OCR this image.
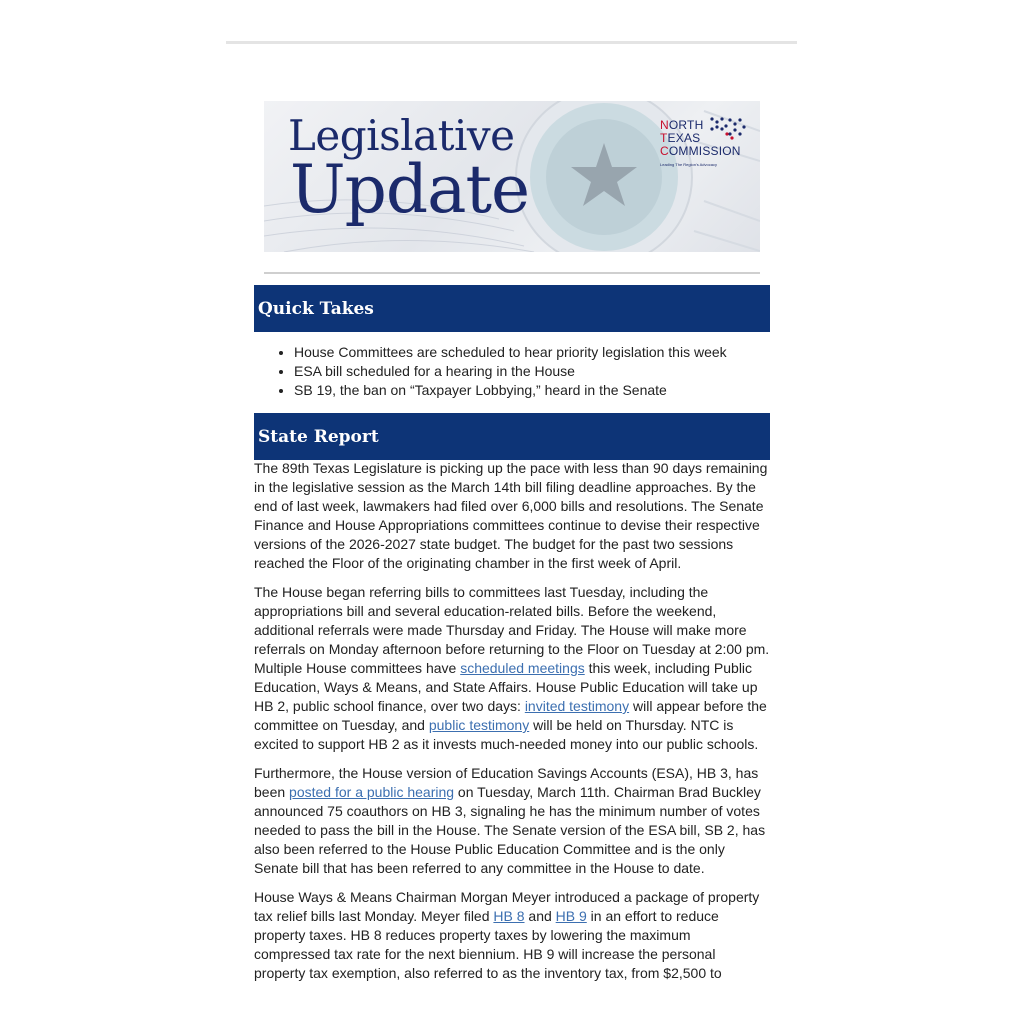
Legislative
Update
NORTH
TEXAS
COMMISSION
Leading The Region's Advocacy
Quick Takes
• House Committees are scheduled to hear priority legislation this week
• ESA bill scheduled for a hearing in the House
• SB 19, the ban on “Taxpayer Lobbying,” heard in the Senate
State Report

The 89th Texas Legislature is picking up the pace with less than 90 days remaining in the legislative session as the March 14th bill filing deadline approaches. By the end of last week, lawmakers had filed over 6,000 bills and resolutions. The Senate Finance and House Appropriations committees continue to devise their respective versions of the 2026-2027 state budget. The budget for the past two sessions reached the Floor of the originating chamber in the first week of April.

The House began referring bills to committees last Tuesday, including the appropriations bill and several education-related bills. Before the weekend, additional referrals were made Thursday and Friday. The House will make more referrals on Monday afternoon before returning to the Floor on Tuesday at 2:00 pm. Multiple House committees have scheduled meetings this week, including Public Education, Ways & Means, and State Affairs. House Public Education will take up HB 2, public school finance, over two days: invited testimony will appear before the committee on Tuesday, and public testimony will be held on Thursday. NTC is excited to support HB 2 as it invests much-needed money into our public schools.

Furthermore, the House version of Education Savings Accounts (ESA), HB 3, has been posted for a public hearing on Tuesday, March 11th. Chairman Brad Buckley announced 75 coauthors on HB 3, signaling he has the minimum number of votes needed to pass the bill in the House. The Senate version of the ESA bill, SB 2, has also been referred to the House Public Education Committee and is the only Senate bill that has been referred to any committee in the House to date.

House Ways & Means Chairman Morgan Meyer introduced a package of property tax relief bills last Monday. Meyer filed HB 8 and HB 9 in an effort to reduce property taxes. HB 8 reduces property taxes by lowering the maximum compressed tax rate for the next biennium. HB 9 will increase the personal property tax exemption, also referred to as the inventory tax, from $2,500 to
